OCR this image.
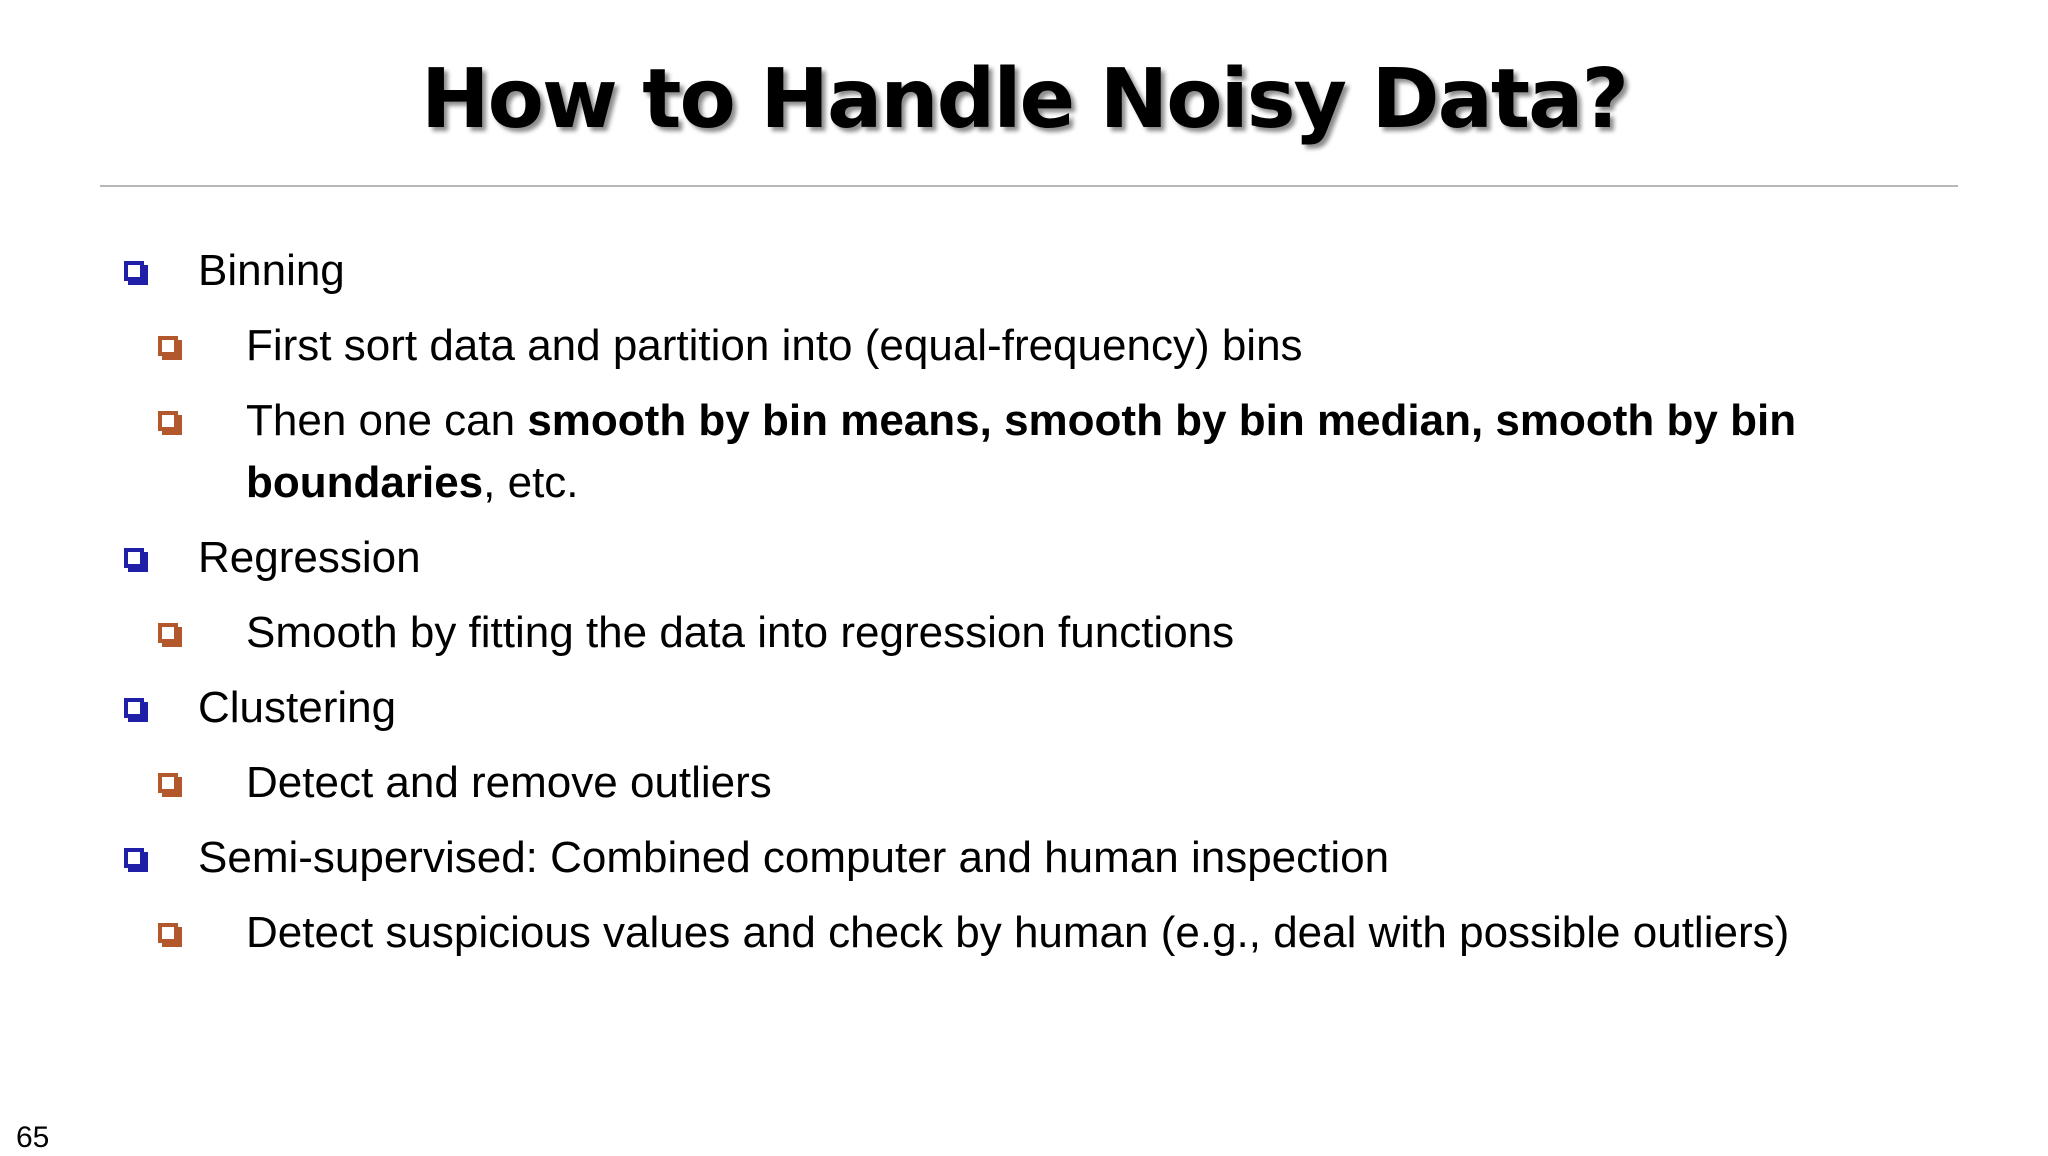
How to Handle Noisy Data?
Binning
First sort data and partition into (equal-frequency) bins
Then one can smooth by bin means, smooth by bin median, smooth by bin boundaries, etc.
Regression
Smooth by fitting the data into regression functions
Clustering
Detect and remove outliers
Semi-supervised: Combined computer and human inspection
Detect suspicious values and check by human (e.g., deal with possible outliers)
65
